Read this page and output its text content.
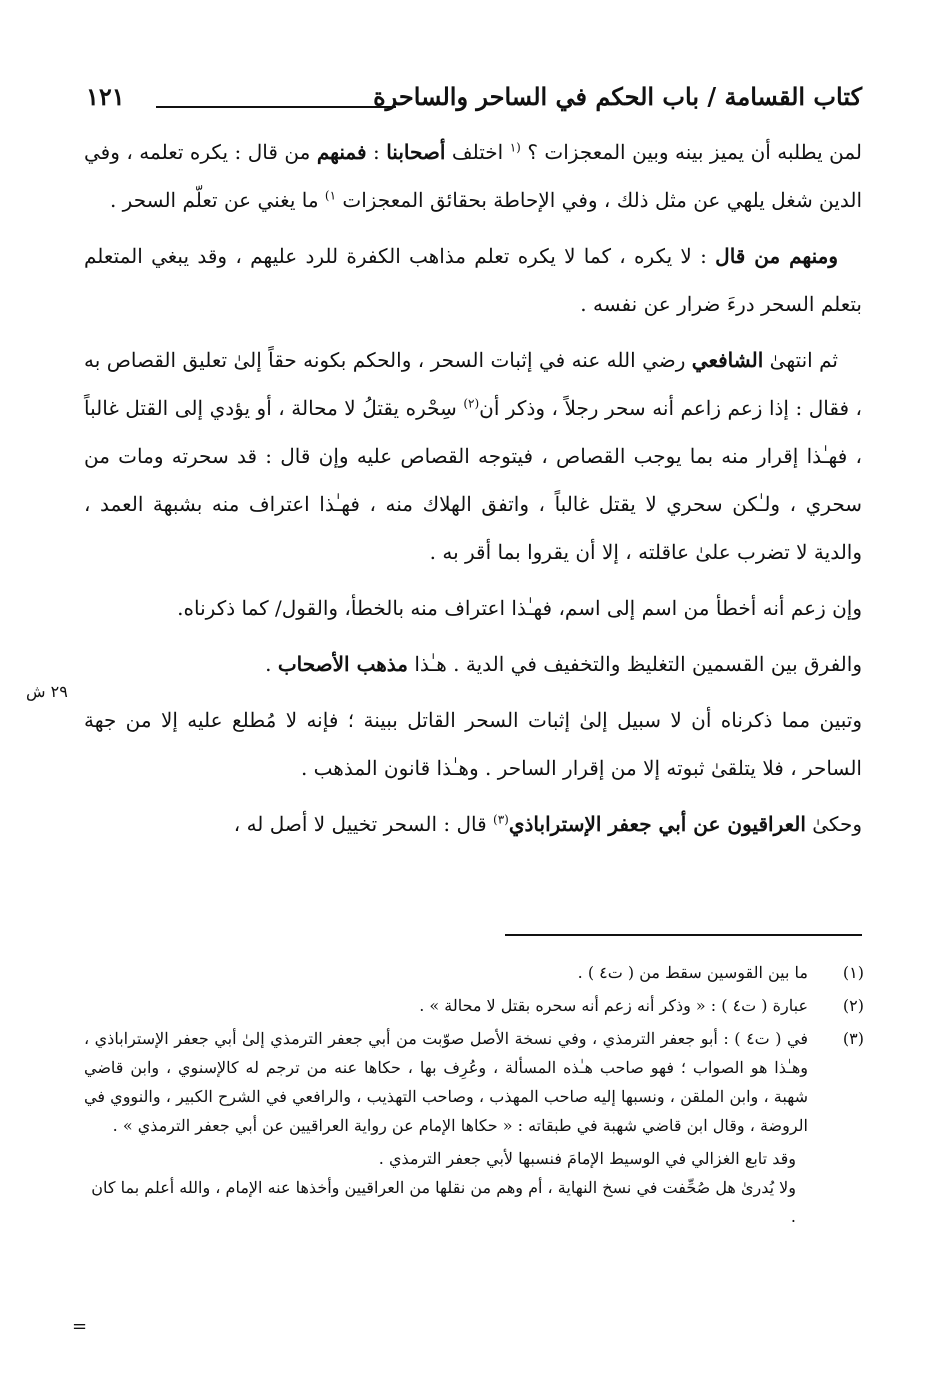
كتاب القسامة / باب الحكم في الساحر والساحرة
١٢١
٢٩ ش

لمن يطلبه أن يميز بينه وبين المعجزات ؟ $^{(١}$ اختلف أصحابنا : فمنهم من قال : يكره تعلمه ، وفي الدين شغل يلهي عن مثل ذلك ، وفي الإحاطة بحقائق المعجزات $^{١)}$ ما يغني عن تعلّم السحر .

ومنهم من قال : لا يكره ، كما لا يكره تعلم مذاهب الكفرة للرد عليهم ، وقد يبغي المتعلم بتعلم السحر درءَ ضرار عن نفسه .

ثم انتهىٰ الشافعي رضي الله عنه في إثبات السحر ، والحكم بكونه حقاً إلىٰ تعليق القصاص به ، فقال : إذا زعم زاعم أنه سحر رجلاً ، وذكر أن$^{(٢)}$ سِحْره يقتلُ لا محالة ، أو يؤدي إلى القتل غالباً ، فهـٰذا إقرار منه بما يوجب القصاص ، فيتوجه القصاص عليه وإن قال : قد سحرته ومات من سحري ، ولـٰكن سحري لا يقتل غالباً ، واتفق الهلاك منه ، فهـٰذا اعتراف منه بشبهة العمد ، والدية لا تضرب علىٰ عاقلته ، إلا أن يقروا بما أقر به .

وإن زعم أنه أخطأ من اسم إلى اسم، فهـٰذا اعتراف منه بالخطأ، والقول/ كما ذكرناه.

والفرق بين القسمين التغليظ والتخفيف في الدية . هـٰذا مذهب الأصحاب .

وتبين مما ذكرناه أن لا سبيل إلىٰ إثبات السحر القاتل ببينة ؛ فإنه لا مُطلع عليه إلا من جهة الساحر ، فلا يتلقىٰ ثبوته إلا من إقرار الساحر . وهـٰذا قانون المذهب .

وحكىٰ العراقيون عن أبي جعفر الإستراباذي$^{(٣)}$ قال : السحر تخييل لا أصل له ،

(١)
ما بين القوسين سقط من ( ت٤ ) .
(٢)
عبارة ( ت٤ ) : « وذكر أنه زعم أنه سحره بقتل لا محالة » .
(٣)
في ( ت٤ ) : أبو جعفر الترمذي ، وفي نسخة الأصل صوّبت من أبي جعفر الترمذي إلىٰ أبي جعفر الإستراباذي ، وهـٰذا هو الصواب ؛ فهو صاحب هـٰذه المسألة ، وعُرِف بها ، حكاها عنه من ترجم له كالإسنوي ، وابن قاضي شهبة ، وابن الملقن ، ونسبها إليه صاحب المهذب ، وصاحب التهذيب ، والرافعي في الشرح الكبير ، والنووي في الروضة ، وقال ابن قاضي شهبة في طبقاته : « حكاها الإمام عن رواية العراقيين عن أبي جعفر الترمذي » .

وقد تابع الغزالي في الوسيط الإمامَ فنسبها لأبي جعفر الترمذي .

ولا يُدرىٰ هل صُحِّفت في نسخ النهاية ، أم وهم من نقلها من العراقيين وأخذها عنه الإمام ، والله أعلم بما كان .

=
